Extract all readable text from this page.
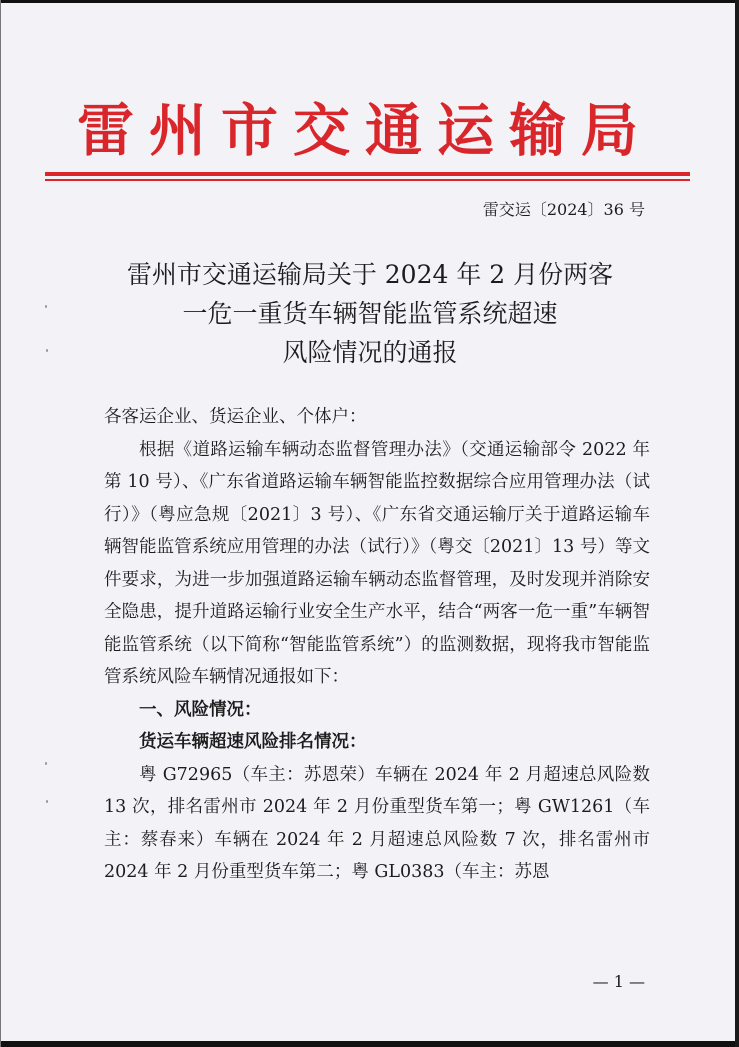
雷州市交通运输局
雷交运〔2024〕36 号
雷州市交通运输局关于 2024 年 2 月份两客
一危一重货车辆智能监管系统超速
风险情况的通报

各客运企业、货运企业、个体户：

根据《道路运输车辆动态监督管理办法》（交通运输部令 2022 年第 10 号）、《广东省道路运输车辆智能监控数据综合应用管理办法（试行）》（粤应急规〔2021〕3 号）、《广东省交通运输厅关于道路运输车辆智能监管系统应用管理的办法（试行）》（粤交〔2021〕13 号）等文件要求，为进一步加强道路运输车辆动态监督管理，及时发现并消除安全隐患，提升道路运输行业安全生产水平，结合“两客一危一重”车辆智能监管系统（以下简称“智能监管系统”）的监测数据，现将我市智能监管系统风险车辆情况通报如下：

一、风险情况：

货运车辆超速风险排名情况：

粤 G72965（车主：苏恩荣）车辆在 2024 年 2 月超速总风险数 13 次，排名雷州市 2024 年 2 月份重型货车第一；粤 GW1261（车主：蔡春来）车辆在 2024 年 2 月超速总风险数 7 次，排名雷州市 2024 年 2 月份重型货车第二；粤 GL0383（车主：苏恩

— 1 —
